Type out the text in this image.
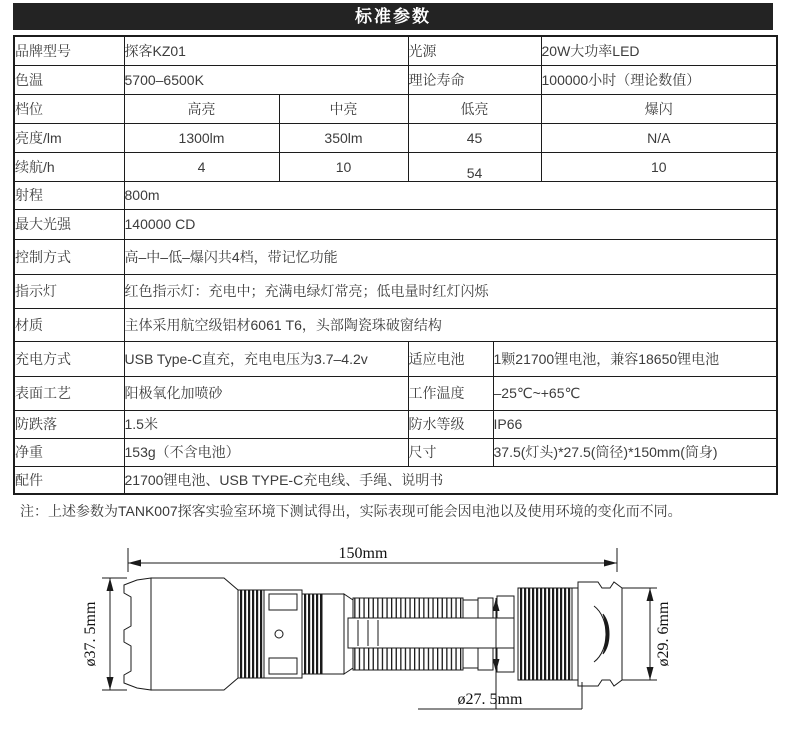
标准参数
品牌型号	探客KZ01		光源		20W大功率LED
色温	5700–6500K		理论寿命		100000小时（理论数值）
档位	高亮	中亮	低亮		爆闪
亮度/lm	1300lm	350lm	45		N/A
续航/h	4	10	54		10
射程	800m				
最大光强	140000 CD				
控制方式	高–中–低–爆闪共4档，带记忆功能				
指示灯	红色指示灯：充电中；充满电绿灯常亮；低电量时红灯闪烁				
材质	主体采用航空级铝材6061 T6，头部陶瓷珠破窗结构				
充电方式	USB Type-C直充，充电电压为3.7–4.2v		适应电池	1颗21700锂电池，兼容18650锂电池	
表面工艺	阳极氧化加喷砂		工作温度	–25℃~+65℃	
防跌落	1.5米		防水等级	IP66	
净重	153g（不含电池）		尺寸	37.5(灯头)*27.5(筒径)*150mm(筒身)	
配件	21700锂电池、USB TYPE-C充电线、手绳、说明书				
注：上述参数为TANK007探客实验室环境下测试得出，实际表现可能会因电池以及使用环境的变化而不同。
150mm
ø37. 5mm	ø29. 6mm
ø27. 5mm
